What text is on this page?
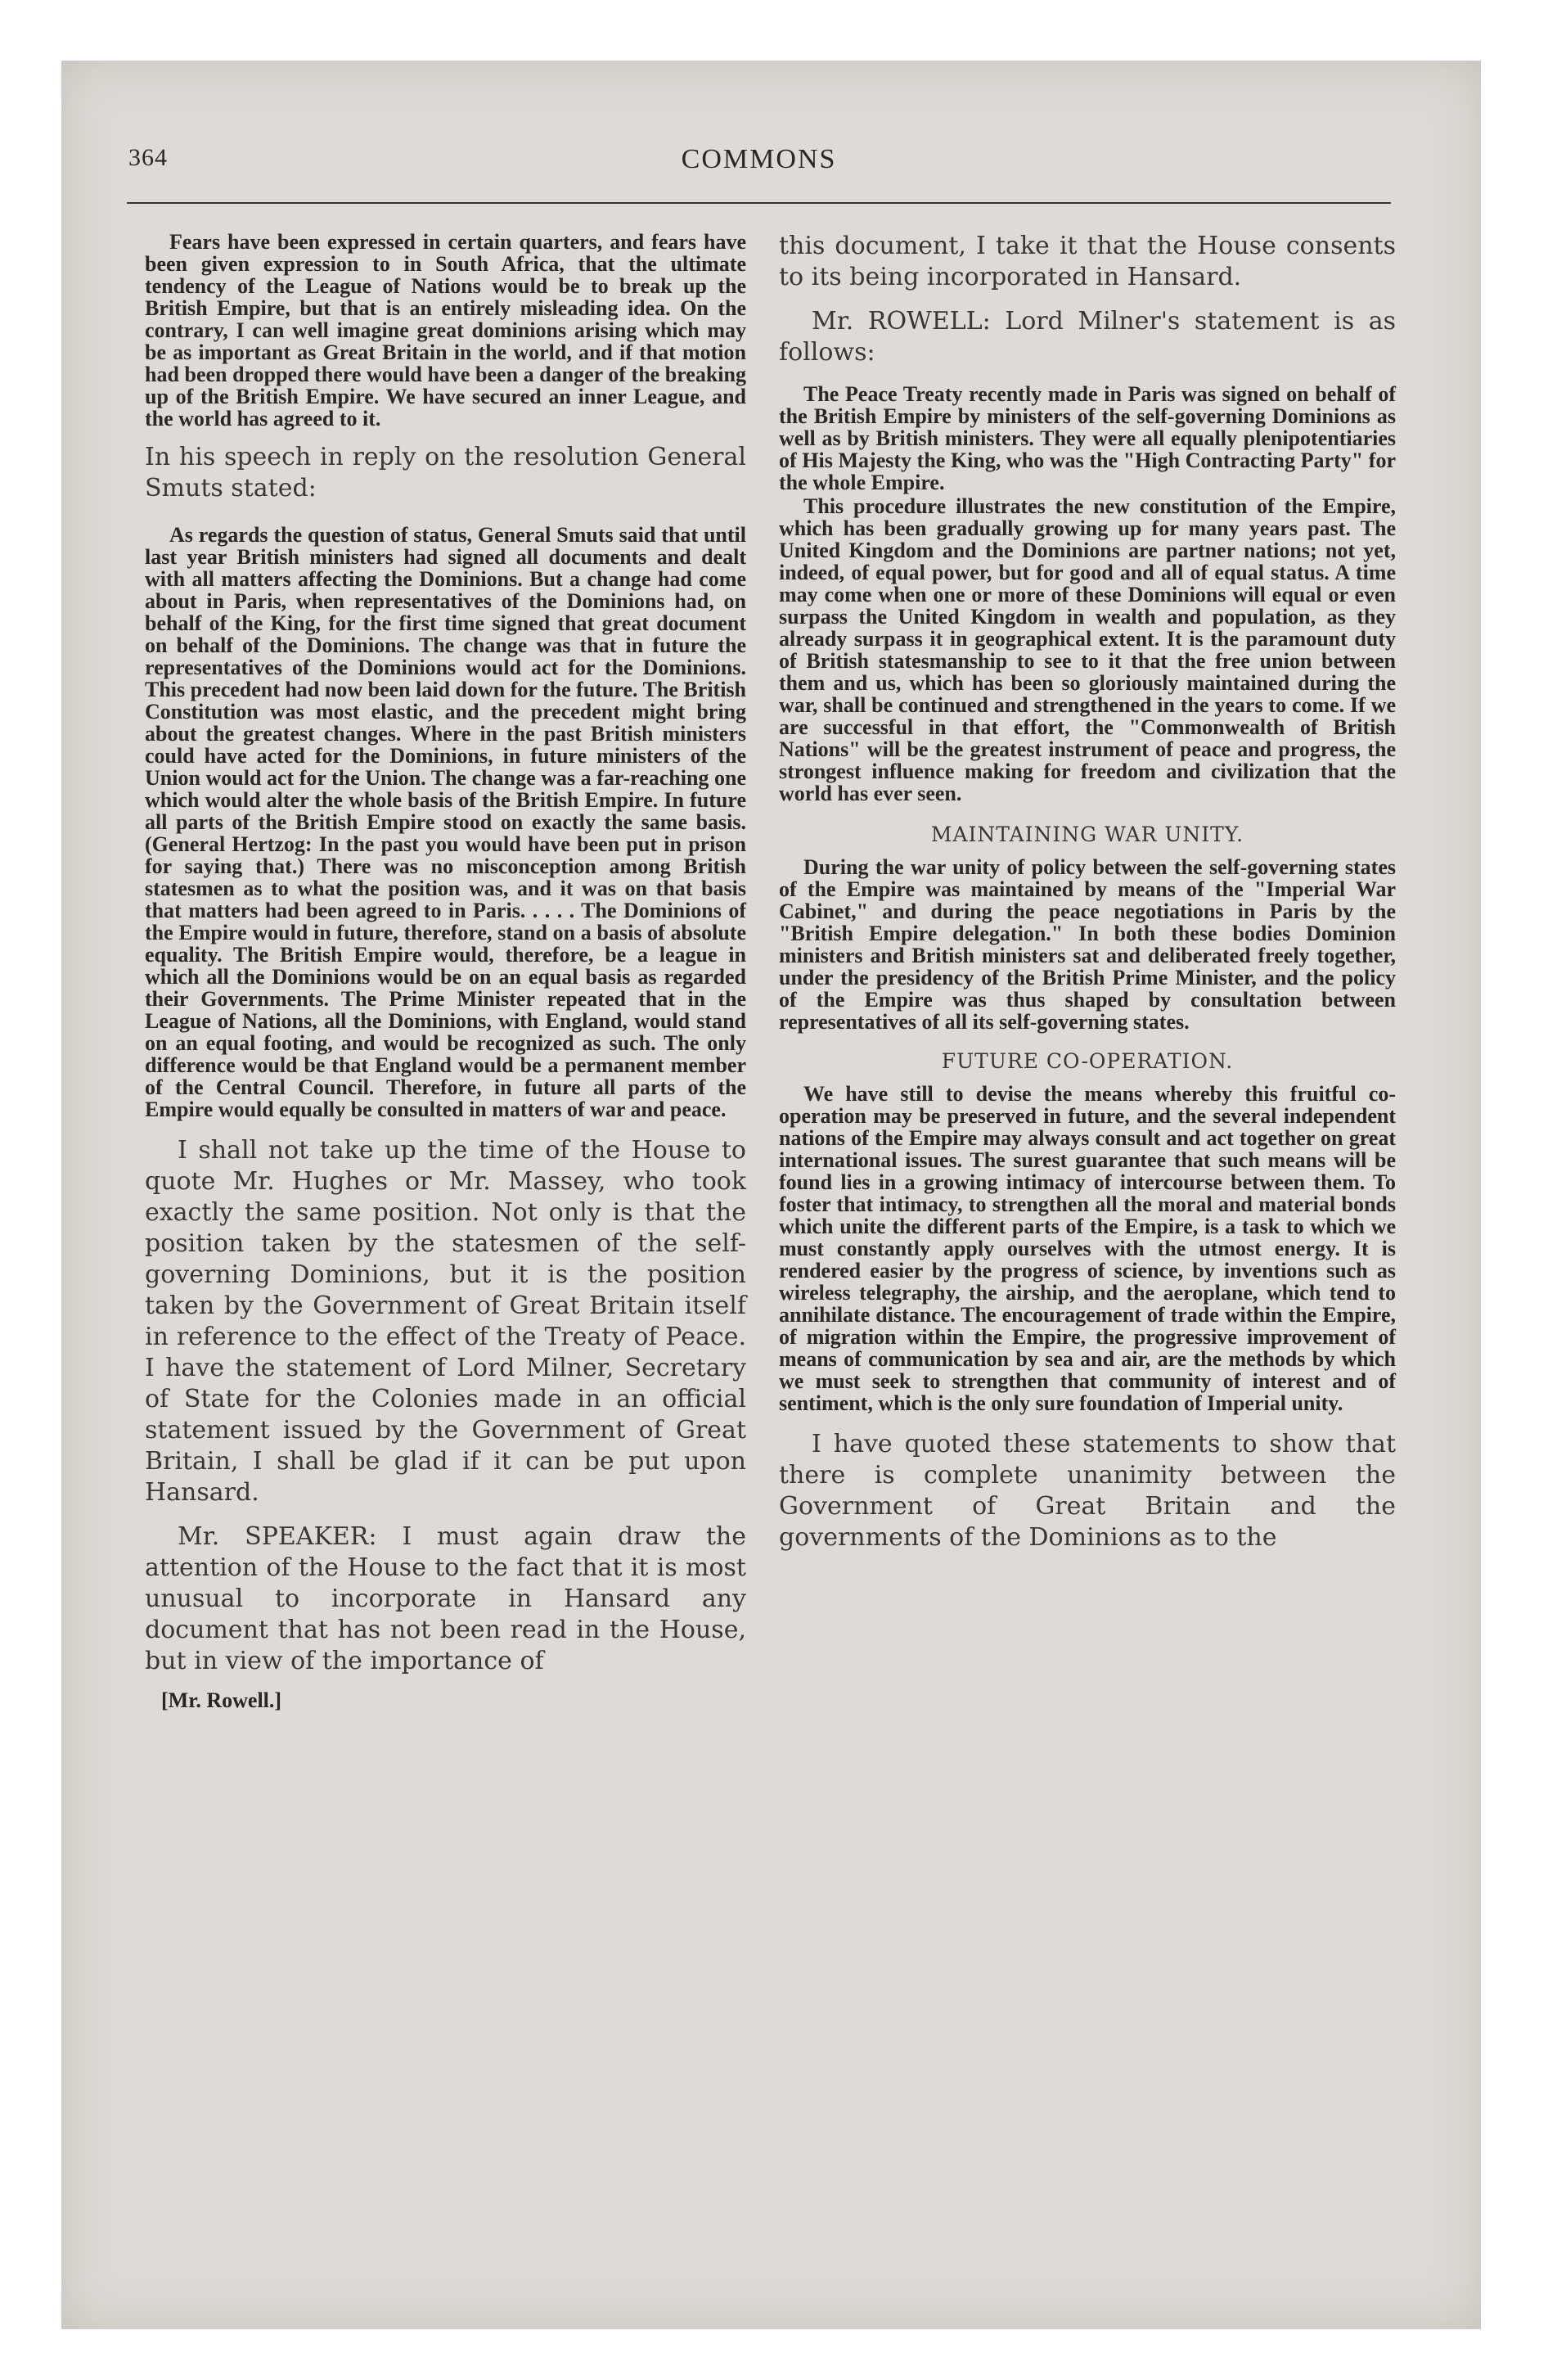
364	COMMONS

Fears have been expressed in certain quarters, and fears have been given expression to in South Africa, that the ultimate tendency of the League of Nations would be to break up the British Empire, but that is an entirely misleading idea. On the contrary, I can well imagine great dominions arising which may be as important as Great Britain in the world, and if that motion had been dropped there would have been a danger of the breaking up of the British Empire. We have secured an inner League, and the world has agreed to it.

In his speech in reply on the resolution General Smuts stated:

As regards the question of status, General Smuts said that until last year British ministers had signed all documents and dealt with all matters affecting the Dominions. But a change had come about in Paris, when representatives of the Dominions had, on behalf of the King, for the first time signed that great document on behalf of the Dominions. The change was that in future the representatives of the Dominions would act for the Dominions. This precedent had now been laid down for the future. The British Constitution was most elastic, and the precedent might bring about the greatest changes. Where in the past British ministers could have acted for the Dominions, in future ministers of the Union would act for the Union. The change was a far-reaching one which would alter the whole basis of the British Empire. In future all parts of the British Empire stood on exactly the same basis. (General Hertzog: In the past you would have been put in prison for saying that.) There was no misconception among British statesmen as to what the position was, and it was on that basis that matters had been agreed to in Paris. . . . . The Dominions of the Empire would in future, therefore, stand on a basis of absolute equality. The British Empire would, therefore, be a league in which all the Dominions would be on an equal basis as regarded their Governments. The Prime Minister repeated that in the League of Nations, all the Dominions, with England, would stand on an equal footing, and would be recognized as such. The only difference would be that England would be a permanent member of the Central Council. Therefore, in future all parts of the Empire would equally be consulted in matters of war and peace.

I shall not take up the time of the House to quote Mr. Hughes or Mr. Massey, who took exactly the same position. Not only is that the position taken by the statesmen of the self-governing Dominions, but it is the position taken by the Government of Great Britain itself in reference to the effect of the Treaty of Peace. I have the statement of Lord Milner, Secretary of State for the Colonies made in an official statement issued by the Government of Great Britain, I shall be glad if it can be put upon Hansard.

Mr. SPEAKER: I must again draw the attention of the House to the fact that it is most unusual to incorporate in Hansard any document that has not been read in the House, but in view of the importance of

[Mr. Rowell.]

this document, I take it that the House consents to its being incorporated in Hansard.

Mr. ROWELL: Lord Milner's statement is as follows:

The Peace Treaty recently made in Paris was signed on behalf of the British Empire by ministers of the self-governing Dominions as well as by British ministers. They were all equally plenipotentiaries of His Majesty the King, who was the "High Contracting Party" for the whole Empire.

This procedure illustrates the new constitution of the Empire, which has been gradually growing up for many years past. The United Kingdom and the Dominions are partner nations; not yet, indeed, of equal power, but for good and all of equal status. A time may come when one or more of these Dominions will equal or even surpass the United Kingdom in wealth and population, as they already surpass it in geographical extent. It is the paramount duty of British statesmanship to see to it that the free union between them and us, which has been so gloriously maintained during the war, shall be continued and strengthened in the years to come. If we are successful in that effort, the "Commonwealth of British Nations" will be the greatest instrument of peace and progress, the strongest influence making for freedom and civilization that the world has ever seen.

MAINTAINING WAR UNITY.

During the war unity of policy between the self-governing states of the Empire was maintained by means of the "Imperial War Cabinet," and during the peace negotiations in Paris by the "British Empire delegation." In both these bodies Dominion ministers and British ministers sat and deliberated freely together, under the presidency of the British Prime Minister, and the policy of the Empire was thus shaped by consultation between representatives of all its self-governing states.

FUTURE CO-OPERATION.

We have still to devise the means whereby this fruitful co-operation may be preserved in future, and the several independent nations of the Empire may always consult and act together on great international issues. The surest guarantee that such means will be found lies in a growing intimacy of intercourse between them. To foster that intimacy, to strengthen all the moral and material bonds which unite the different parts of the Empire, is a task to which we must constantly apply ourselves with the utmost energy. It is rendered easier by the progress of science, by inventions such as wireless telegraphy, the airship, and the aeroplane, which tend to annihilate distance. The encouragement of trade within the Empire, of migration within the Empire, the progressive improvement of means of communication by sea and air, are the methods by which we must seek to strengthen that community of interest and of sentiment, which is the only sure foundation of Imperial unity.

I have quoted these statements to show that there is complete unanimity between the Government of Great Britain and the governments of the Dominions as to the
